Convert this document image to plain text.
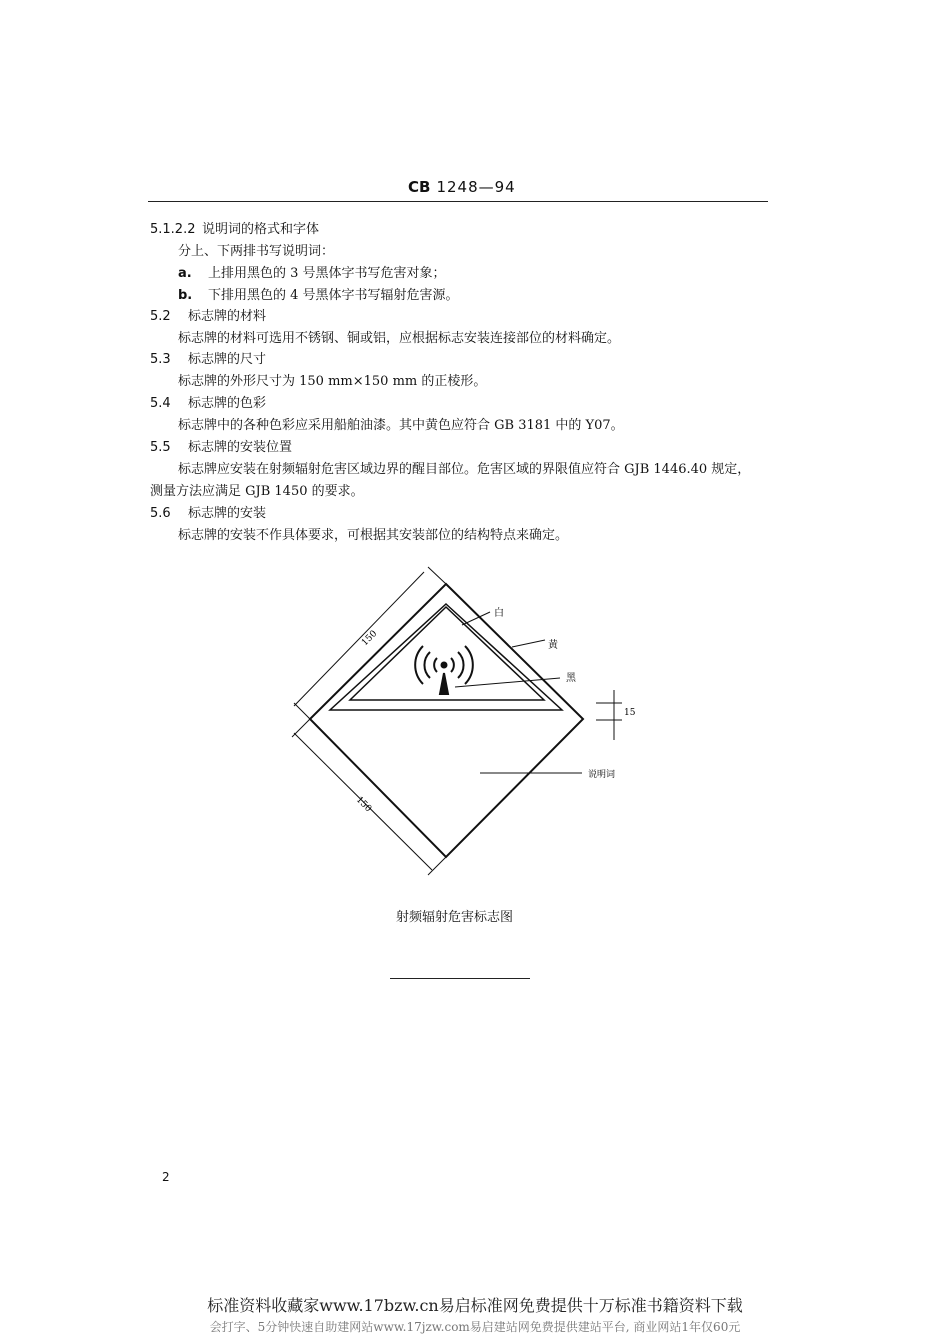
CB 1248—94
5.1.2.2 说明词的格式和字体
分上、下两排书写说明词：
a. 上排用黑色的 3 号黑体字书写危害对象；
b. 下排用黑色的 4 号黑体字书写辐射危害源。
5.2 标志牌的材料
标志牌的材料可选用不锈钢、铜或铝，应根据标志安装连接部位的材料确定。
5.3 标志牌的尺寸
标志牌的外形尺寸为 150 mm×150 mm 的正棱形。
5.4 标志牌的色彩
标志牌中的各种色彩应采用船舶油漆。其中黄色应符合 GB 3181 中的 Y07。
5.5 标志牌的安装位置
标志牌应安装在射频辐射危害区域边界的醒目部位。危害区域的界限值应符合 GJB 1446.40 规定，
测量方法应满足 GJB 1450 的要求。
5.6 标志牌的安装
标志牌的安装不作具体要求，可根据其安装部位的结构特点来确定。
白
黄
黑
说明词
15
150
150
射频辐射危害标志图
2
标准资料收藏家www.17bzw.cn易启标准网免费提供十万标准书籍资料下载
会打字、5分钟快速自助建网站www.17jzw.com易启建站网免费提供建站平台, 商业网站1年仅60元
